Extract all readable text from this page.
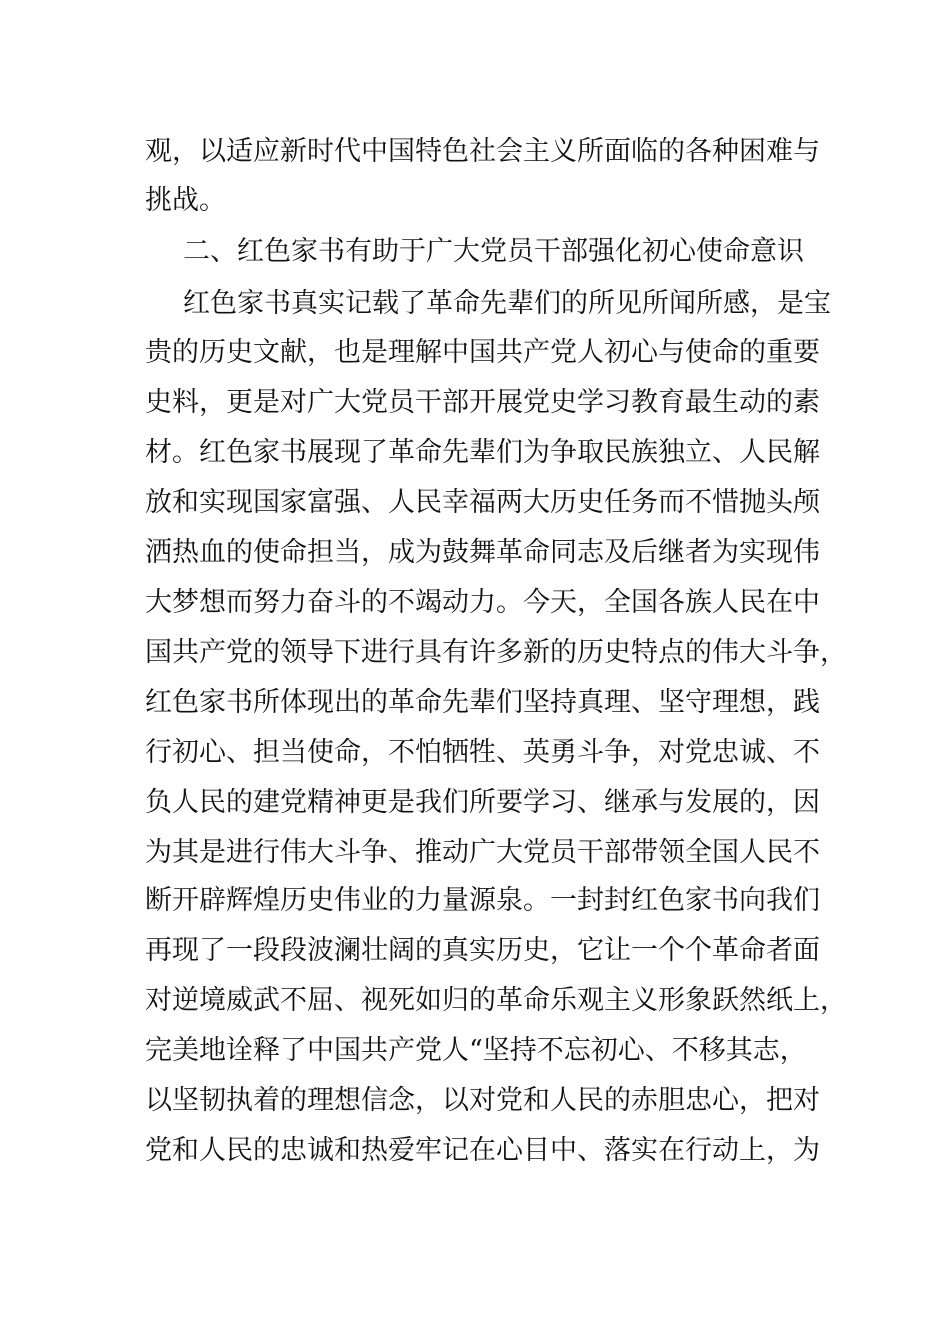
观，以适应新时代中国特色社会主义所面临的各种困难与
挑战。
二、红色家书有助于广大党员干部强化初心使命意识
红色家书真实记载了革命先辈们的所见所闻所感，是宝
贵的历史文献，也是理解中国共产党人初心与使命的重要
史料，更是对广大党员干部开展党史学习教育最生动的素
材。红色家书展现了革命先辈们为争取民族独立、人民解
放和实现国家富强、人民幸福两大历史任务而不惜抛头颅
洒热血的使命担当，成为鼓舞革命同志及后继者为实现伟
大梦想而努力奋斗的不竭动力。今天，全国各族人民在中
国共产党的领导下进行具有许多新的历史特点的伟大斗争，
红色家书所体现出的革命先辈们坚持真理、坚守理想，践
行初心、担当使命，不怕牺牲、英勇斗争，对党忠诚、不
负人民的建党精神更是我们所要学习、继承与发展的，因
为其是进行伟大斗争、推动广大党员干部带领全国人民不
断开辟辉煌历史伟业的力量源泉。一封封红色家书向我们
再现了一段段波澜壮阔的真实历史，它让一个个革命者面
对逆境威武不屈、视死如归的革命乐观主义形象跃然纸上，
完美地诠释了中国共产党人“坚持不忘初心、不移其志，
以坚韧执着的理想信念，以对党和人民的赤胆忠心，把对
党和人民的忠诚和热爱牢记在心目中、落实在行动上，为
